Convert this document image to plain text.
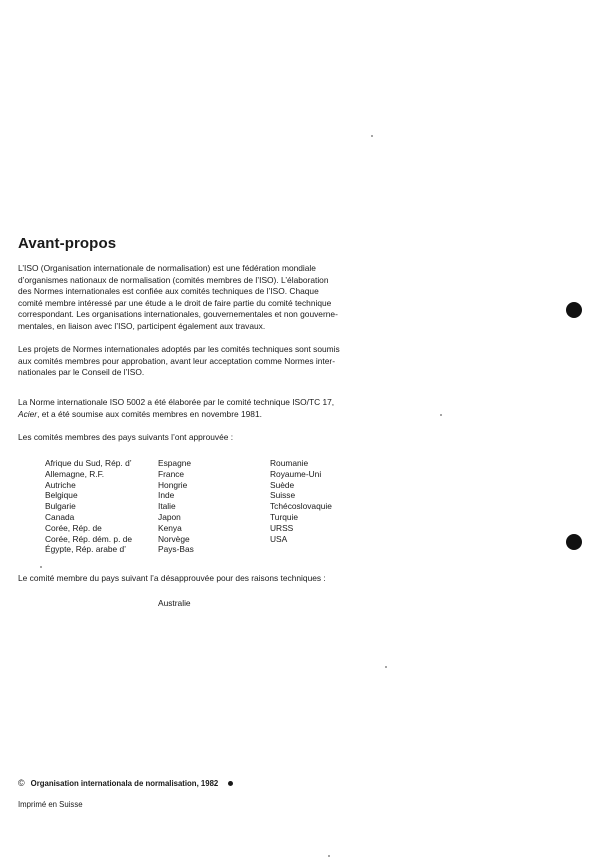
Avant-propos

L’ISO (Organisation internationale de normalisation) est une fédération mondiale
d’organismes nationaux de normalisation (comités membres de l’ISO). L’élaboration
des Normes internationales est confiée aux comités techniques de l’ISO. Chaque
comité membre intéressé par une étude a le droit de faire partie du comité technique
correspondant. Les organisations internationales, gouvernementales et non gouverne-
mentales, en liaison avec l’ISO, participent également aux travaux.

Les projets de Normes internationales adoptés par les comités techniques sont soumis
aux comités membres pour approbation, avant leur acceptation comme Normes inter-
nationales par le Conseil de l’ISO.

La Norme internationale ISO 5002 a été élaborée par le comité technique ISO/TC 17,
Acier, et a été soumise aux comités membres en novembre 1981.

Les comités membres des pays suivants l’ont approuvée :

Afrique du Sud, Rép. d’
Allemagne, R.F.
Autriche
Belgique
Bulgarie
Canada
Corée, Rép. de
Corée, Rép. dém. p. de
Égypte, Rép. arabe d’
Espagne
France
Hongrie
Inde
Italie
Japon
Kenya
Norvège
Pays-Bas
Roumanie
Royaume-Uni
Suède
Suisse
Tchécoslovaquie
Turquie
URSS
USA

Le comité membre du pays suivant l’a désapprouvée pour des raisons techniques :

Australie

© Organisation internationala de normalisation, 1982

Imprimé en Suisse
